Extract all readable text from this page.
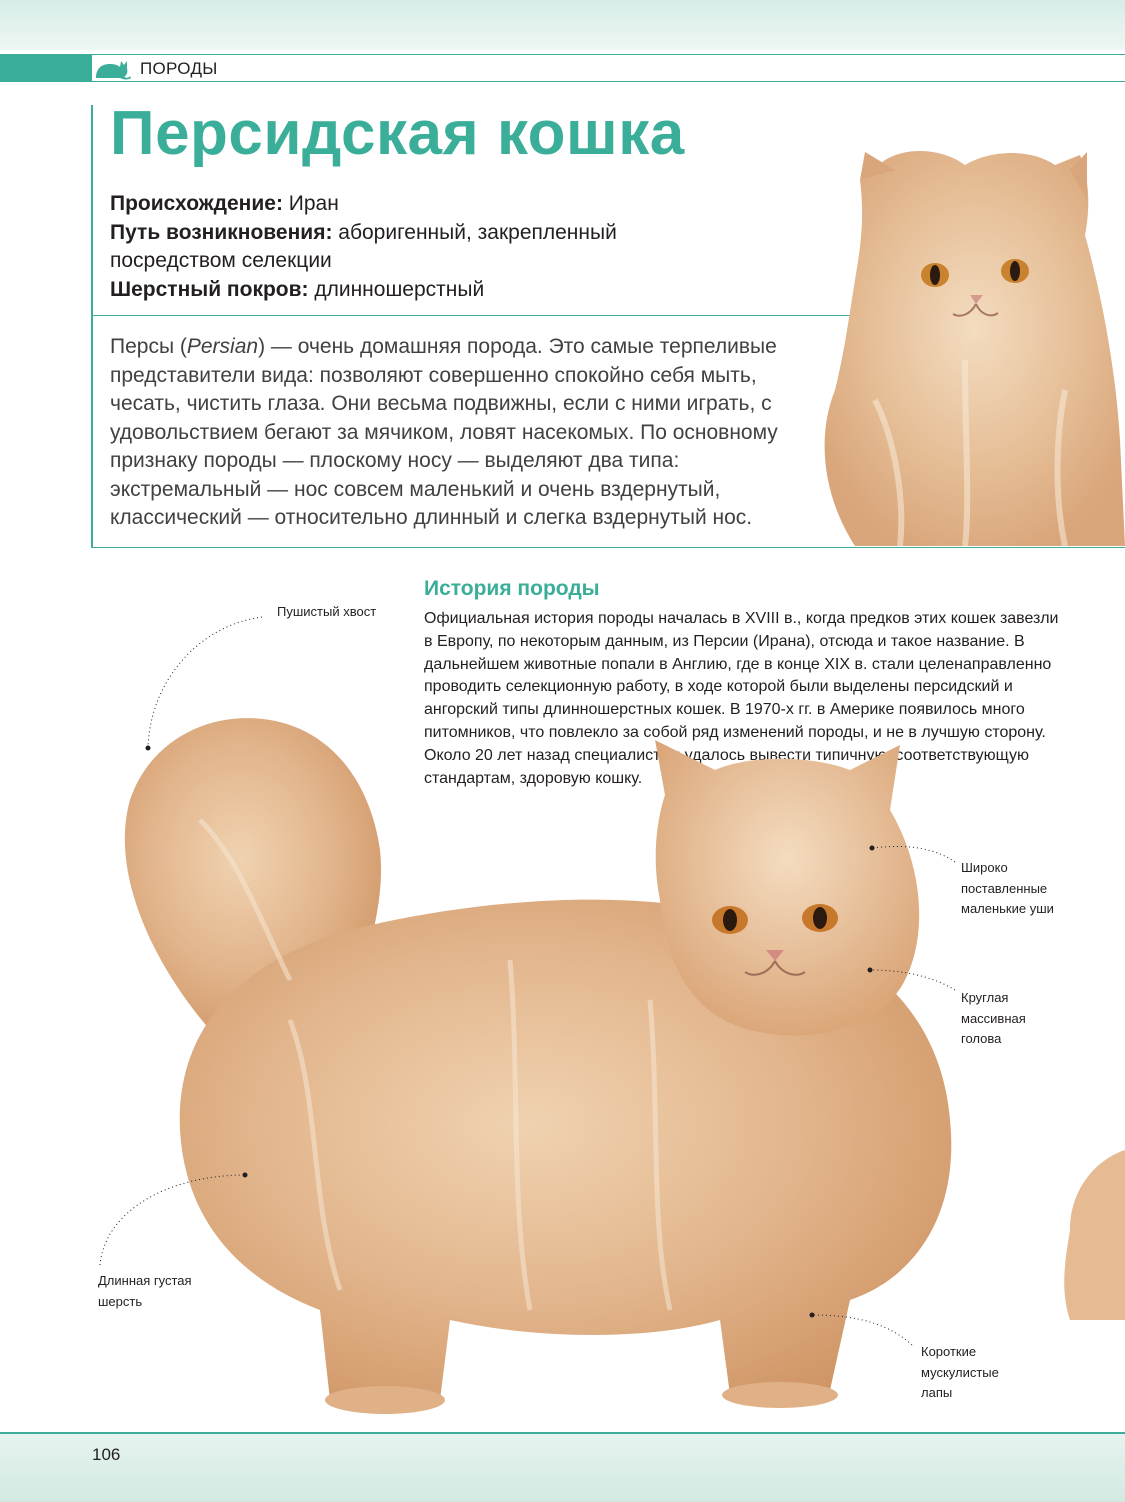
ПОРОДЫ
Персидская кошка
Происхождение: Иран
Путь возникновения: аборигенный, закрепленный посредством селекции
Шерстный покров: длинношерстный
Персы (Persian) — очень домашняя порода. Это самые терпеливые представители вида: позволяют совершенно спокойно себя мыть, чесать, чистить глаза. Они весьма подвижны, если с ними играть, с удовольствием бегают за мячиком, ловят насекомых. По основному признаку породы — плоскому носу — выделяют два типа: экстремальный — нос совсем маленький и очень вздернутый, классический — относительно длинный и слегка вздернутый нос.
История породы
Официальная история породы началась в XVIII в., когда предков этих кошек завезли в Европу, по некоторым данным, из Персии (Ирана), отсюда и такое название. В дальнейшем животные попали в Англию, где в конце XIX в. стали целенаправленно проводить селекционную работу, в ходе которой были выделены персидский и ангорский типы длинношерстных кошек. В 1970-х гг. в Америке появилось много питомников, что повлекло за собой ряд изменений породы, и не в лучшую сторону. Около 20 лет назад специалистам удалось вывести типичную, соответствующую стандартам, здоровую кошку.
Пушистый хвост
Широко
поставленные
маленькие уши
Круглая
массивная
голова
Длинная густая
шерсть
Короткие
мускулистые
лапы
106
